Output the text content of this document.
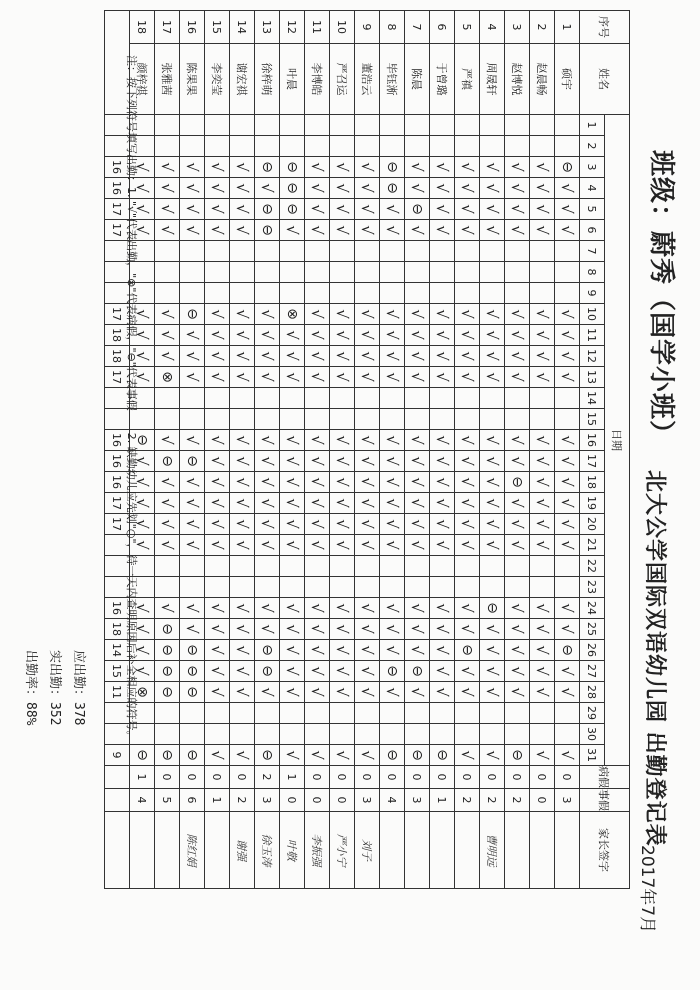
班级：蔚秀（国学小班）
北大公学国际双语幼儿园 出勤登记表
2017年7月
序号	姓名	日期																															病假	事假	家长签字
		1	2	3	4	5	6	7	8	9	10	11	12	13	14	15	16	17	18	19	20	21	22	23	24	25	26	27	28	29	30	31			
1	硕宇			⊖	√	√	√				√	√	√	√			√	√	√	√	√	√			√	√	⊖	√	√			√	0	3	
2	赵晨畅			√	√	√	√				√	√	√	√			√	√	√	√	√	√			√	√	√	√	√			√	0	0	
3	赵博悦			√	√	√	√				√	√	√	√			√	√	⊖	√	√	√			√	√	√	√	√			⊖	0	2	
4	周晟轩			√	√	√	√				√	√	√	√			√	√	√	√	√	√			⊖	√	√	√	√			√	0	2	曹明远
5	严禛			√	√	√	√				√	√	√	√			√	√	√	√	√	√			√	√	⊖	√	√			√	0	2	
6	于曾璐			√	√	√	√				√	√	√	√			√	√	√	√	√	√			√	√	√	√	√			⊖	0	1	
7	陈晨			√	√	⊖	√				√	√	√	√			√	√	√	√	√	√			√	√	√	⊖	√			⊖	0	3	
8	毕钰淅			⊖	⊖	√	√				√	√	√	√			√	√	√	√	√	√			√	√	√	⊖	√			⊖	0	4	
9	董浩云			√	√	√	√				√	√	√	√			√	√	√	√	√	√			√	√	√	√	√			√	0	3	刘子
10	严召运			√	√	√	√				√	√	√	√			√	√	√	√	√	√			√	√	√	√	√			√	0	0	严小宁
11	李博皓			√	√	√	√				√	√	√	√			√	√	√	√	√	√			√	√	√	√	√			√	0	0	李振强
12	叶晨			⊖	⊖	⊖	√				⊗	√	√	√			√	√	√	√	√	√			√	√	√	√	√			√	1	0	叶敬
13	徐梓萌			⊖	√	⊖	⊖				√	√	√	√			√	√	√	√	√	√			√	√	⊖	⊖	√			⊖	2	3	徐玉涛
14	谢宏祺			√	√	√	√				√	√	√	√			√	√	√	√	√	√			√	√	√	√	√			√	0	2	谢强
15	李奕莹			√	√	√	√				√	√	√	√			√	√	√	√	√	√			√	√	√	√	√			√	0	1	
16	陈果果			√	√	√	√				⊖	√	√	√			√	⊖	√	√	√	√			√	√	⊖	⊖	⊖			⊖	0	6	陈红娟
17	张雅茜			√	√	√	√				√	√	√	⊗			√	⊖	√	√	√	√			√	⊖	⊖	⊖	⊖			⊖	0	5	
18	颜梓祺			√	√	√	√				√	√	√	√			⊖	√	√	√	√	√			√	√	√	√	⊗			⊖	1	4	
				16	16	17	17				17	18	18	17			16	16	16	17	17				16	18	14	15	11			9			
注：按下列符号填写出勤：1. "√"代表出勤，"⊗"代表病假，"⊖"代表事假　　2. 缺勤幼儿应先划"○"，待一天内查明原因后补全相应的符号。
应出勤：378
实出勤：352
出勤率：88%
